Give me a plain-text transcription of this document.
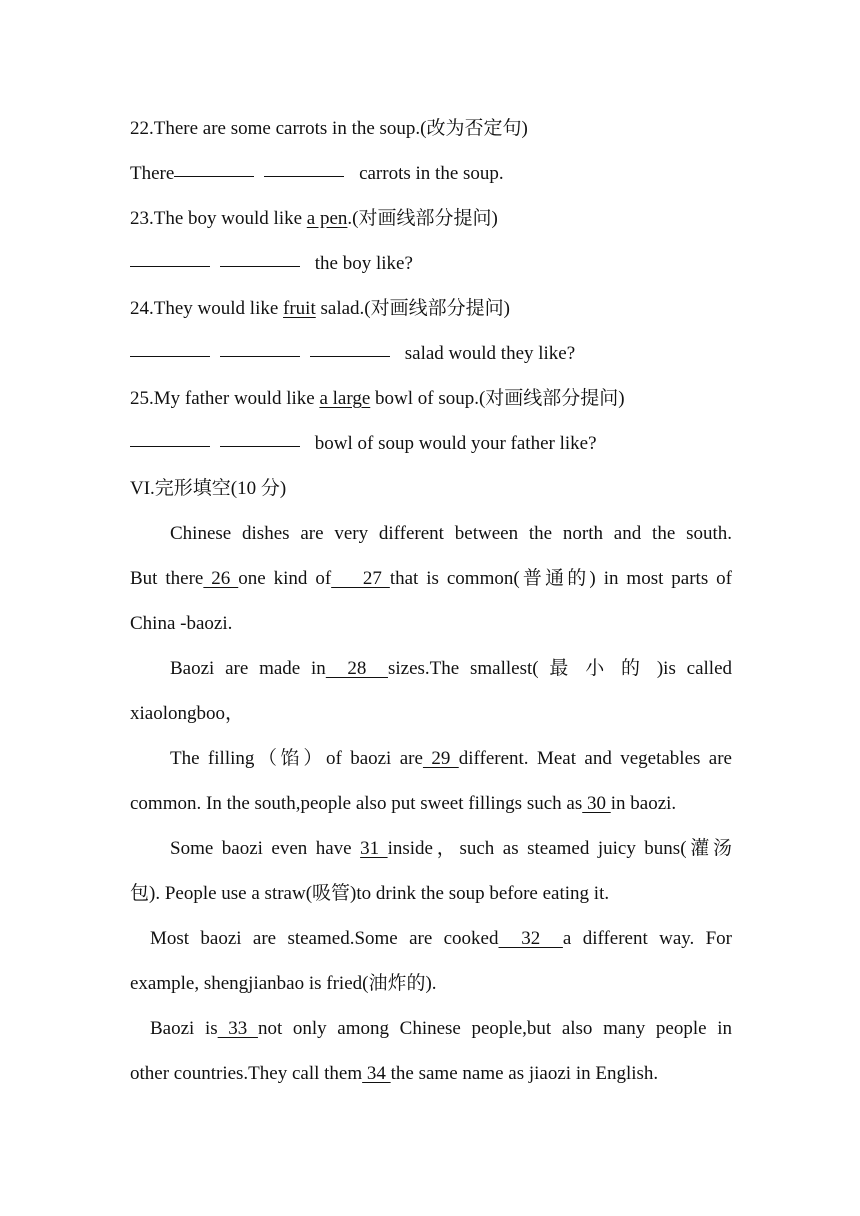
22.There are some carrots in the soup.(改为否定句)
There	carrots in the soup.
23.The boy would like a pen.(对画线部分提问)
the boy like?
24.They would like fruit salad.(对画线部分提问)
salad would they like?
25.My father would like a large bowl of soup.(对画线部分提问)
bowl of soup would your father like?
VI.完形填空(10 分)
Chinese dishes are very different between the north and the south.
But there 26 one kind of    27 that is common(普通的) in most parts of
China -baozi.
Baozi are made in  28  sizes.The smallest( 最 小 的 )is called
xiaolongboo，
The filling（馅）of baozi are 29 different. Meat and vegetables are
common. In the south,people also put sweet fillings such as 30 in baozi.
Some baozi even have 31 inside，such as steamed juicy buns(灌汤
包). People use a straw(吸管)to drink the soup before eating it.
Most baozi are steamed.Some are cooked  32  a different way. For
example, shengjianbao is fried(油炸的).
Baozi is 33 not only among Chinese people,but also many people in
other countries.They call them 34 the same name as jiaozi in English.
